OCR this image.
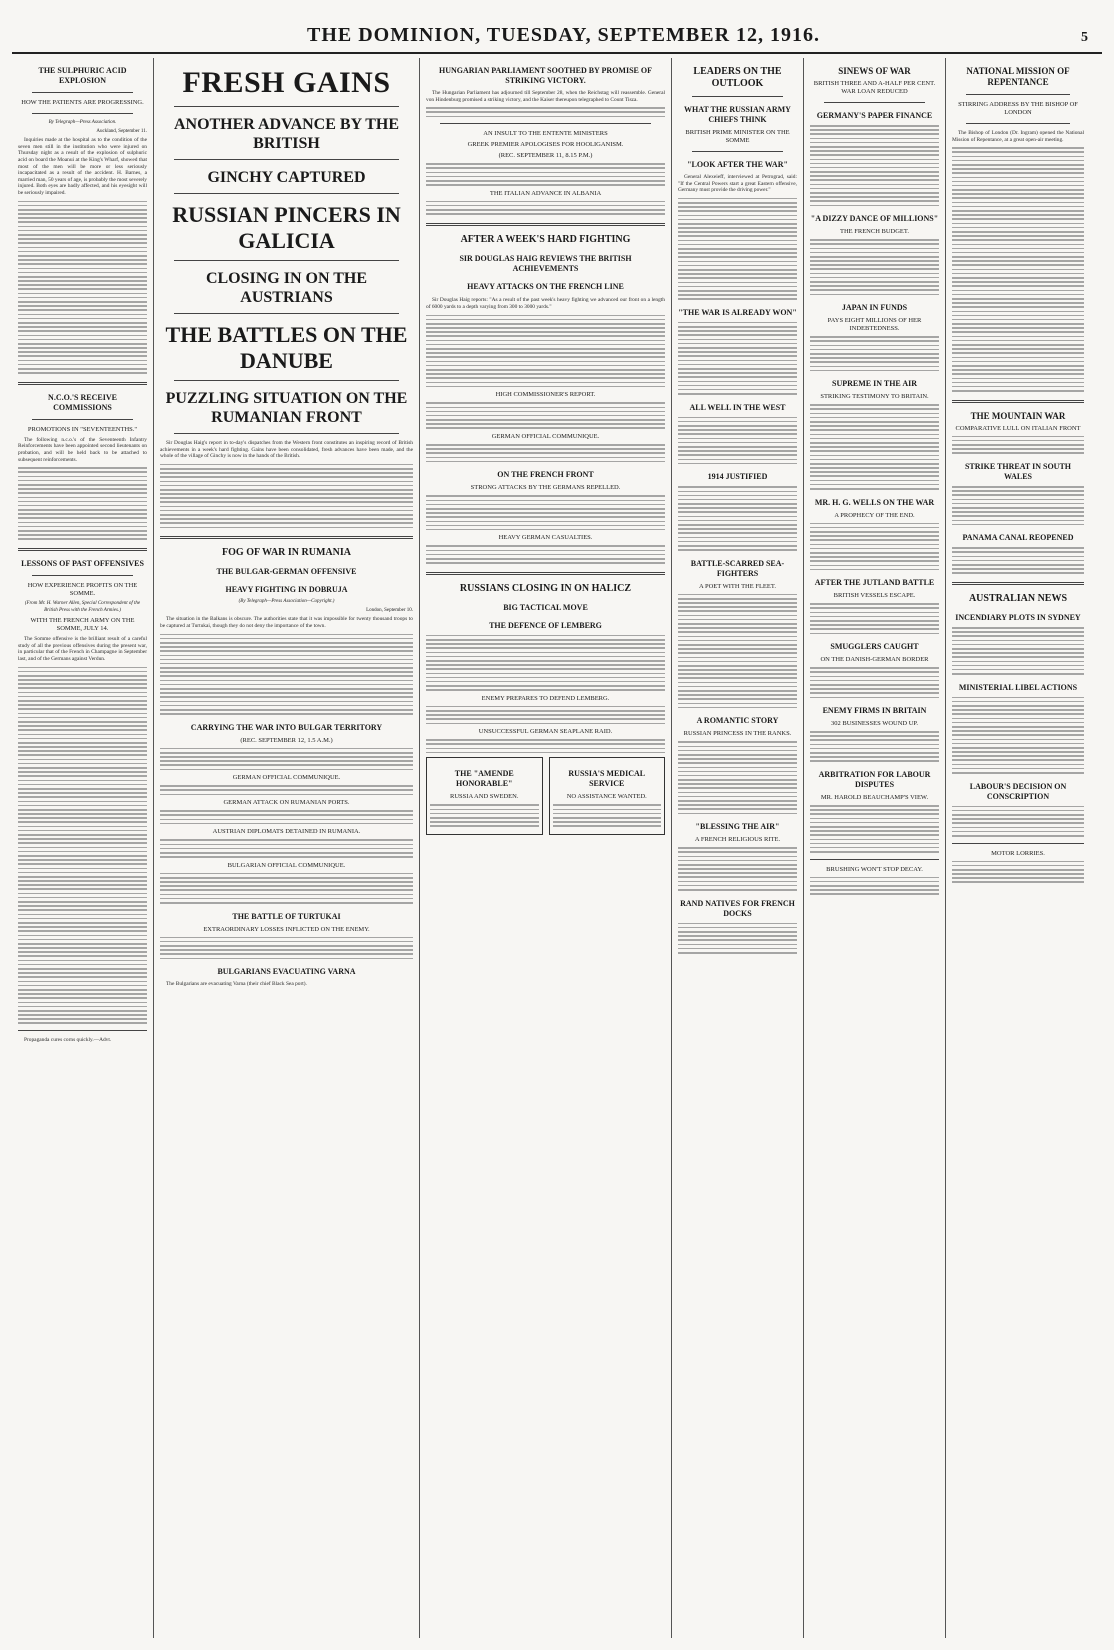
THE DOMINION, TUESDAY, SEPTEMBER 12, 1916.	5
THE SULPHURIC ACID EXPLOSION
HOW THE PATIENTS ARE PROGRESSING.
By Telegraph—Press Association.
Auckland, September 11.

Inquiries made at the hospital as to the condition of the seven men still in the institution who were injured on Thursday night as a result of the explosion of sulphuric acid on board the Moanui at the King's Wharf, showed that most of the men will be more or less seriously incapacitated as a result of the accident. H. Barnes, a married man, 50 years of age, is probably the most severely injured. Both eyes are badly affected, and his eyesight will be seriously impaired.

N.C.O.'S RECEIVE COMMISSIONS
PROMOTIONS IN "SEVENTEENTHS."

The following n.c.o.'s of the Seventeenth Infantry Reinforcements have been appointed second lieutenants on probation, and will be held back to be attached to subsequent reinforcements.

LESSONS OF PAST OFFENSIVES
HOW EXPERIENCE PROFITS ON THE SOMME.
(From Mr. H. Warner Allen, Special Correspondent of the British Press with the French Armies.)
WITH THE FRENCH ARMY ON THE SOMME, JULY 14.

The Somme offensive is the brilliant result of a careful study of all the previous offensives during the present war, in particular that of the French in Champagne in September last, and of the Germans against Verdun.

Propaganda cures corns quickly.—Advt.

FRESH GAINS
ANOTHER ADVANCE BY THE BRITISH
GINCHY CAPTURED
RUSSIAN PINCERS IN GALICIA
CLOSING IN ON THE AUSTRIANS
THE BATTLES ON THE DANUBE
PUZZLING SITUATION ON THE RUMANIAN FRONT

Sir Douglas Haig's report in to-day's dispatches from the Western front constitutes an inspiring record of British achievements in a week's hard fighting. Gains have been consolidated, fresh advances have been made, and the whole of the village of Ginchy is now in the hands of the British.

FOG OF WAR IN RUMANIA
THE BULGAR-GERMAN OFFENSIVE
HEAVY FIGHTING IN DOBRUJA
(By Telegraph—Press Association—Copyright.)
London, September 10.

The situation in the Balkans is obscure. The authorities state that it was impossible for twenty thousand troops to be captured at Turtukai, though they do not deny the importance of the town.

CARRYING THE WAR INTO BULGAR TERRITORY
(REC. SEPTEMBER 12, 1.5 A.M.)
GERMAN OFFICIAL COMMUNIQUE.
GERMAN ATTACK ON RUMANIAN PORTS.
AUSTRIAN DIPLOMATS DETAINED IN RUMANIA.
BULGARIAN OFFICIAL COMMUNIQUE.
THE BATTLE OF TURTUKAI
EXTRAORDINARY LOSSES INFLICTED ON THE ENEMY.
BULGARIANS EVACUATING VARNA

The Bulgarians are evacuating Varna (their chief Black Sea port).

HUNGARIAN PARLIAMENT SOOTHED BY PROMISE OF STRIKING VICTORY.

The Hungarian Parliament has adjourned till September 28, when the Reichstag will reassemble. General von Hindenburg promised a striking victory, and the Kaiser thereupon telegraphed to Count Tisza.

AN INSULT TO THE ENTENTE MINISTERS
GREEK PREMIER APOLOGISES FOR HOOLIGANISM.
(REC. SEPTEMBER 11, 8.15 P.M.)
THE ITALIAN ADVANCE IN ALBANIA
AFTER A WEEK'S HARD FIGHTING
SIR DOUGLAS HAIG REVIEWS THE BRITISH ACHIEVEMENTS
HEAVY ATTACKS ON THE FRENCH LINE

Sir Douglas Haig reports: "As a result of the past week's heavy fighting we advanced our front on a length of 6000 yards to a depth varying from 300 to 3000 yards."

HIGH COMMISSIONER'S REPORT.
GERMAN OFFICIAL COMMUNIQUE.
ON THE FRENCH FRONT
STRONG ATTACKS BY THE GERMANS REPELLED.
HEAVY GERMAN CASUALTIES.
RUSSIANS CLOSING IN ON HALICZ
BIG TACTICAL MOVE
THE DEFENCE OF LEMBERG
ENEMY PREPARES TO DEFEND LEMBERG.
UNSUCCESSFUL GERMAN SEAPLANE RAID.
THE "AMENDE HONORABLE"
RUSSIA AND SWEDEN.
RUSSIA'S MEDICAL SERVICE
NO ASSISTANCE WANTED.
LEADERS ON THE OUTLOOK
WHAT THE RUSSIAN ARMY CHIEFS THINK
BRITISH PRIME MINISTER ON THE SOMME
"LOOK AFTER THE WAR"

General Alexeieff, interviewed at Petrograd, said: "If the Central Powers start a great Eastern offensive, Germany must provide the driving power."

"THE WAR IS ALREADY WON"
ALL WELL IN THE WEST
1914 JUSTIFIED
BATTLE-SCARRED SEA-FIGHTERS
A POET WITH THE FLEET.
A ROMANTIC STORY
RUSSIAN PRINCESS IN THE RANKS.
"BLESSING THE AIR"
A FRENCH RELIGIOUS RITE.
RAND NATIVES FOR FRENCH DOCKS
SINEWS OF WAR
BRITISH THREE AND A-HALF PER CENT. WAR LOAN REDUCED
GERMANY'S PAPER FINANCE
"A DIZZY DANCE OF MILLIONS"
THE FRENCH BUDGET.
JAPAN IN FUNDS
PAYS EIGHT MILLIONS OF HER INDEBTEDNESS.
SUPREME IN THE AIR
STRIKING TESTIMONY TO BRITAIN.
MR. H. G. WELLS ON THE WAR
A PROPHECY OF THE END.
AFTER THE JUTLAND BATTLE
BRITISH VESSELS ESCAPE.
SMUGGLERS CAUGHT
ON THE DANISH-GERMAN BORDER
ENEMY FIRMS IN BRITAIN
302 BUSINESSES WOUND UP.
ARBITRATION FOR LABOUR DISPUTES
MR. HAROLD BEAUCHAMP'S VIEW.
BRUSHING WON'T STOP DECAY.
NATIONAL MISSION OF REPENTANCE
STIRRING ADDRESS BY THE BISHOP OF LONDON

The Bishop of London (Dr. Ingram) opened the National Mission of Repentance, at a great open-air meeting.

THE MOUNTAIN WAR
COMPARATIVE LULL ON ITALIAN FRONT
STRIKE THREAT IN SOUTH WALES
PANAMA CANAL REOPENED
AUSTRALIAN NEWS
INCENDIARY PLOTS IN SYDNEY
MINISTERIAL LIBEL ACTIONS
LABOUR'S DECISION ON CONSCRIPTION
MOTOR LORRIES.
